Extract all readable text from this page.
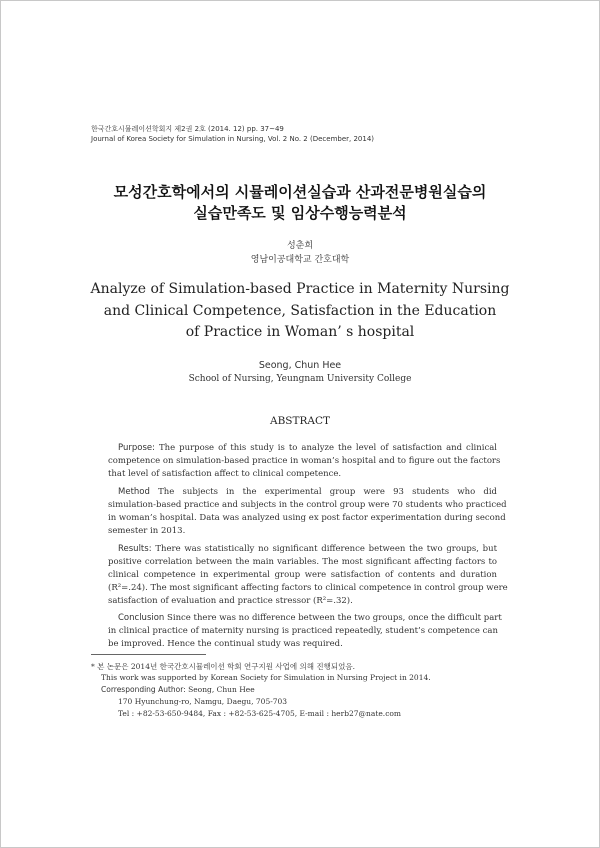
한국간호시뮬레이션학회지 제2권 2호 (2014. 12) pp. 37~49
Journal of Korea Society for Simulation in Nursing, Vol. 2 No. 2 (December, 2014)
모성간호학에서의 시뮬레이션실습과 산과전문병원실습의
실습만족도 및 임상수행능력분석
성춘희
영남이공대학교 간호대학
Analyze of Simulation-based Practice in Maternity Nursing
and Clinical Competence, Satisfaction in the Education
of Practice in Woman’ s hospital
Seong, Chun Hee
School of Nursing, Yeungnam University College
ABSTRACT
Purpose: The purpose of this study is to analyze the level of satisfaction and clinical
competence on simulation-based practice in woman’s hospital and to figure out the factors
that level of satisfaction affect to clinical competence.
Method The subjects in the experimental group were 93 students who did
simulation-based practice and subjects in the control group were 70 students who practiced
in woman’s hospital. Data was analyzed using ex post factor experimentation during second
semester in 2013.
Results: There was statistically no significant difference between the two groups, but
positive correlation between the main variables. The most significant affecting factors to
clinical competence in experimental group were satisfaction of contents and duration
(R²=.24). The most significant affecting factors to clinical competence in control group were
satisfaction of evaluation and practice stressor (R²=.32).
Conclusion Since there was no difference between the two groups, once the difficult part
in clinical practice of maternity nursing is practiced repeatedly, student’s competence can
be improved. Hence the continual study was required.
* 본 논문은 2014년 한국간호시뮬레이션 학회 연구지원 사업에 의해 진행되었음.
This work was supported by Korean Society for Simulation in Nursing Project in 2014.
Corresponding Author: Seong, Chun Hee
170 Hyunchung-ro, Namgu, Daegu, 705-703
Tel : +82-53-650-9484, Fax : +82-53-625-4705, E-mail : herb27@nate.com
